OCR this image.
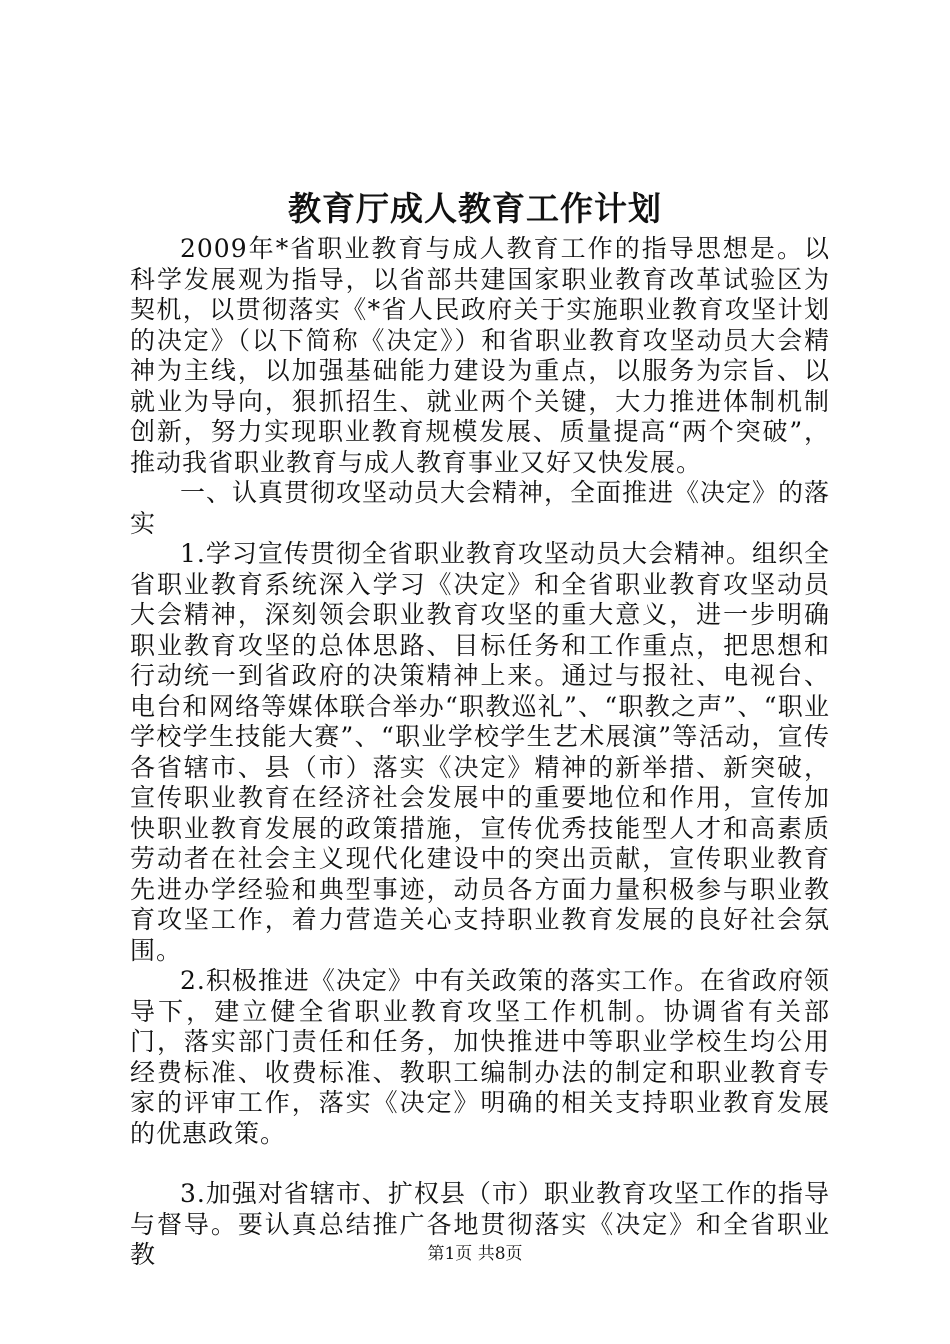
教育厅成人教育工作计划

2009年*省职业教育与成人教育工作的指导思想是。以科学发展观为指导，以省部共建国家职业教育改革试验区为契机，以贯彻落实《*省人民政府关于实施职业教育攻坚计划的决定》（以下简称《决定》）和省职业教育攻坚动员大会精神为主线，以加强基础能力建设为重点，以服务为宗旨、以就业为导向，狠抓招生、就业两个关键，大力推进体制机制创新，努力实现职业教育规模发展、质量提高“两个突破”，推动我省职业教育与成人教育事业又好又快发展。

一、认真贯彻攻坚动员大会精神，全面推进《决定》的落实

1.学习宣传贯彻全省职业教育攻坚动员大会精神。组织全省职业教育系统深入学习《决定》和全省职业教育攻坚动员大会精神，深刻领会职业教育攻坚的重大意义，进一步明确职业教育攻坚的总体思路、目标任务和工作重点，把思想和行动统一到省政府的决策精神上来。通过与报社、电视台、电台和网络等媒体联合举办“职教巡礼”、“职教之声”、“职业学校学生技能大赛”、“职业学校学生艺术展演”等活动，宣传各省辖市、县（市）落实《决定》精神的新举措、新突破，宣传职业教育在经济社会发展中的重要地位和作用，宣传加快职业教育发展的政策措施，宣传优秀技能型人才和高素质劳动者在社会主义现代化建设中的突出贡献，宣传职业教育先进办学经验和典型事迹，动员各方面力量积极参与职业教育攻坚工作，着力营造关心支持职业教育发展的良好社会氛围。

2.积极推进《决定》中有关政策的落实工作。在省政府领导下，建立健全省职业教育攻坚工作机制。协调省有关部门，落实部门责任和任务，加快推进中等职业学校生均公用经费标准、收费标准、教职工编制办法的制定和职业教育专家的评审工作，落实《决定》明确的相关支持职业教育发展的优惠政策。

3.加强对省辖市、扩权县（市）职业教育攻坚工作的指导与督导。要认真总结推广各地贯彻落实《决定》和全省职业教	第1页 共8页
